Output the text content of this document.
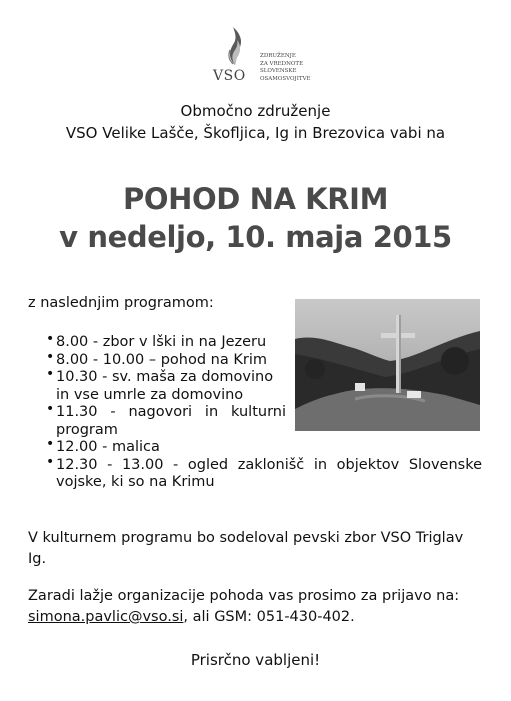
VSO
ZDRUŽENJE
ZA VREDNOTE
SLOVENSKE
OSAMOSVOJITVE
Območno združenje
VSO Velike Lašče, Škofljica, Ig in Brezovica vabi na
POHOD NA KRIM
v nedeljo, 10. maja 2015
z naslednjim programom:
• 8.00 - zbor v lški in na Jezeru
• 8.00 - 10.00 – pohod na Krim
• 10.30 - sv. maša za domovino in vse umrle za domovino
• 11.30 - nagovori in kulturni program
• 12.00 - malica
• 12.30 - 13.00 - ogled zaklonišč in objektov Slovenske vojske, ki so na Krimu
V kulturnem programu bo sodeloval pevski zbor VSO Triglav Ig.
Zaradi lažje organizacije pohoda vas prosimo za prijavo na: simona.pavlic@vso.si, ali GSM: 051-430-402.
Prisrčno vabljeni!
